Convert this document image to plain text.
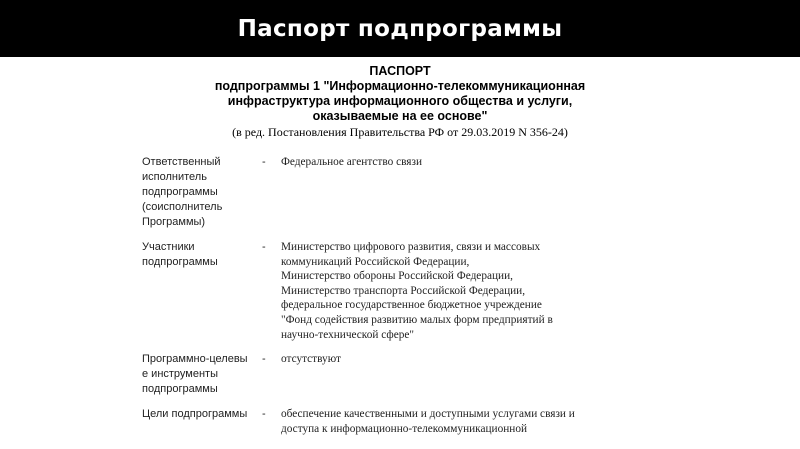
Паспорт подпрограммы
ПАСПОРТ
подпрограммы 1 "Информационно-телекоммуникационная
инфраструктура информационного общества и услуги,
оказываемые на ее основе"
(в ред. Постановления Правительства РФ от 29.03.2019 N 356-24)
Ответственный
исполнитель
подпрограммы
(соисполнитель
Программы)
-	Федеральное агентство связи
Участники
подпрограммы
-	Министерство цифрового развития, связи и массовых
коммуникаций Российской Федерации,
Министерство обороны Российской Федерации,
Министерство транспорта Российской Федерации,
федеральное государственное бюджетное учреждение
"Фонд содействия развитию малых форм предприятий в
научно-технической сфере"
Программно-целевы
е инструменты
подпрограммы
-	отсутствуют
Цели подпрограммы	-	обеспечение качественными и доступными услугами связи и
доступа к информационно-телекоммуникационной
